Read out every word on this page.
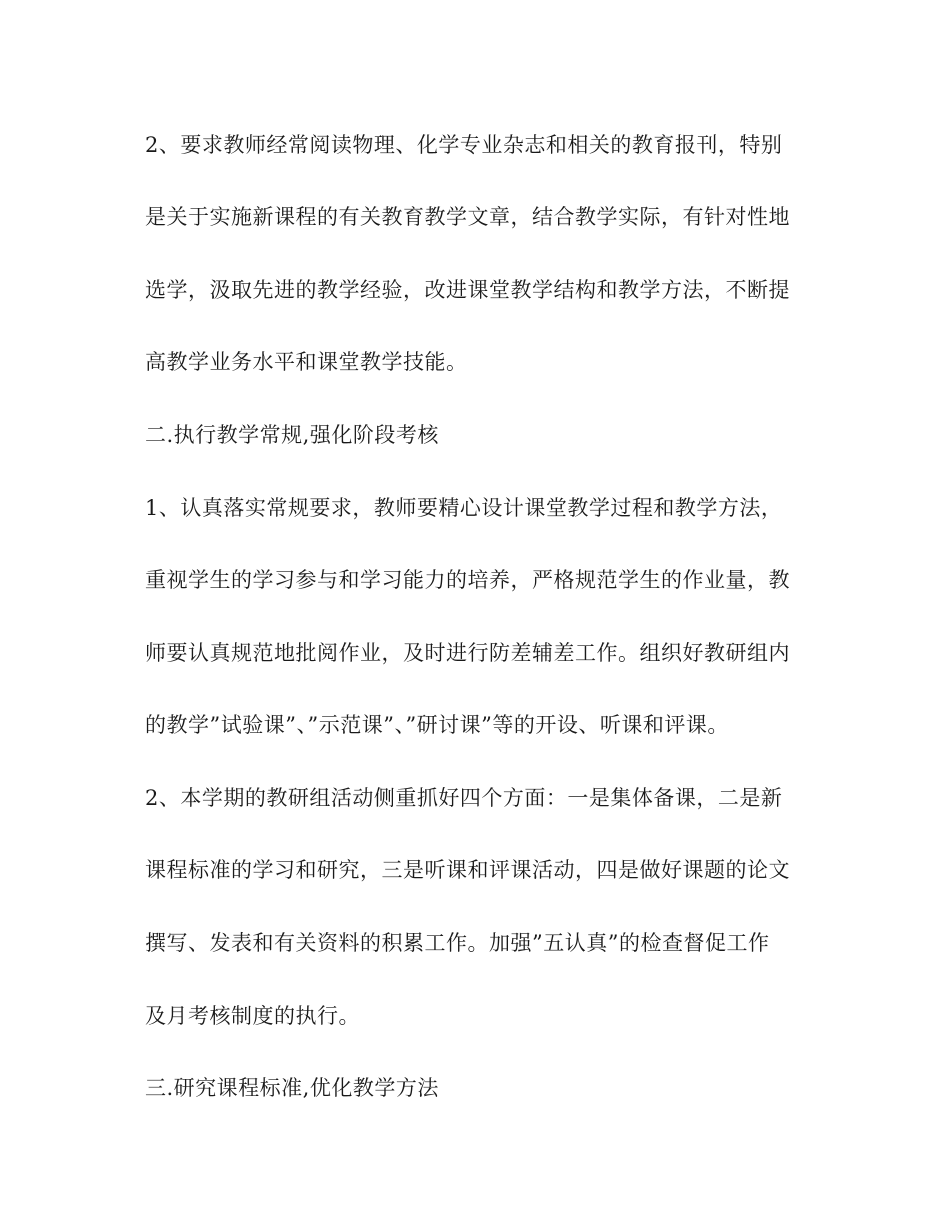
2、要求教师经常阅读物理、化学专业杂志和相关的教育报刊，特别
是关于实施新课程的有关教育教学文章，结合教学实际，有针对性地
选学，汲取先进的教学经验，改进课堂教学结构和教学方法，不断提
高教学业务水平和课堂教学技能。
二.执行教学常规,强化阶段考核
1、认真落实常规要求，教师要精心设计课堂教学过程和教学方法，
重视学生的学习参与和学习能力的培养，严格规范学生的作业量，教
师要认真规范地批阅作业，及时进行防差辅差工作。组织好教研组内
的教学”试验课”、”示范课”、”研讨课”等的开设、听课和评课。
2、本学期的教研组活动侧重抓好四个方面：一是集体备课，二是新
课程标准的学习和研究，三是听课和评课活动，四是做好课题的论文
撰写、发表和有关资料的积累工作。加强”五认真”的检查督促工作
及月考核制度的执行。
三.研究课程标准,优化教学方法
